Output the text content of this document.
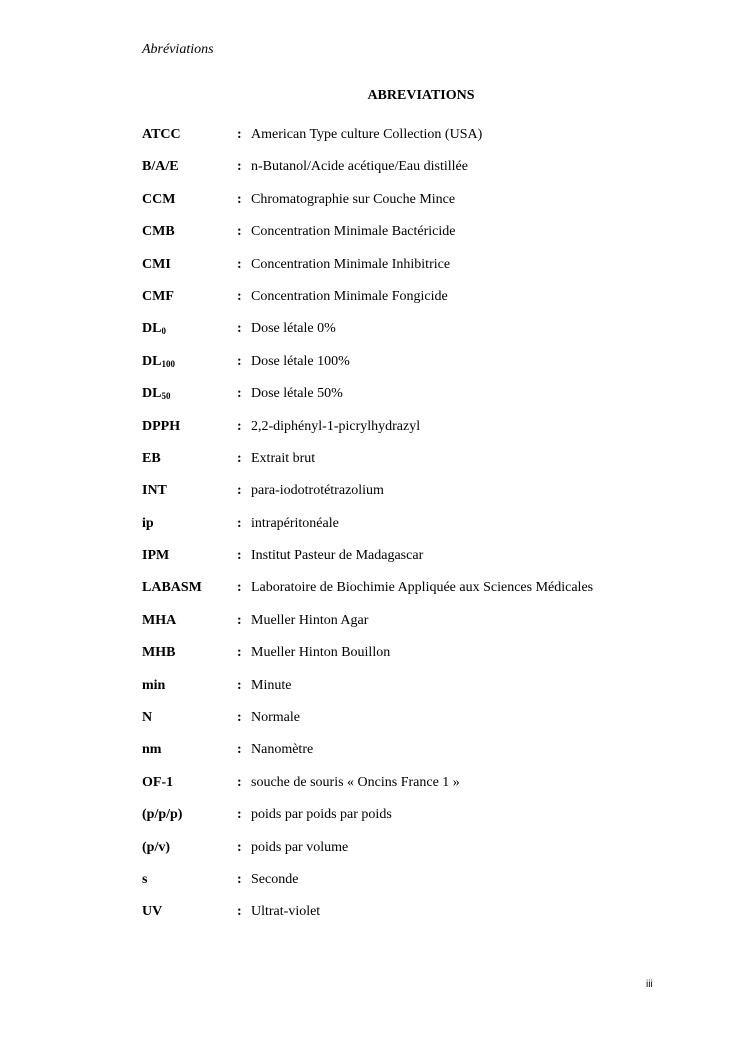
Abréviations
ABREVIATIONS
ATCC	: American Type culture Collection (USA)
B/A/E	: n-Butanol/Acide acétique/Eau distillée
CCM	: Chromatographie sur Couche Mince
CMB	: Concentration Minimale Bactéricide
CMI	: Concentration Minimale Inhibitrice
CMF	: Concentration Minimale Fongicide
$DL_0$	: Dose létale 0%
$DL_{100}$	: Dose létale 100%
$DL_{50}$	: Dose létale 50%
DPPH	: 2,2-diphényl-1-picrylhydrazyl
EB	: Extrait brut
INT	: para-iodotrotétrazolium
ip	: intrapéritonéale
IPM	: Institut Pasteur de Madagascar
LABASM	: Laboratoire de Biochimie Appliquée aux Sciences Médicales
MHA	: Mueller Hinton Agar
MHB	: Mueller Hinton Bouillon
min	: Minute
N	: Normale
nm	: Nanomètre
OF-1	: souche de souris « Oncins France 1 »
(p/p/p)	: poids par poids par poids
(p/v)	: poids par volume
s	: Seconde
UV	: Ultrat-violet
iii
